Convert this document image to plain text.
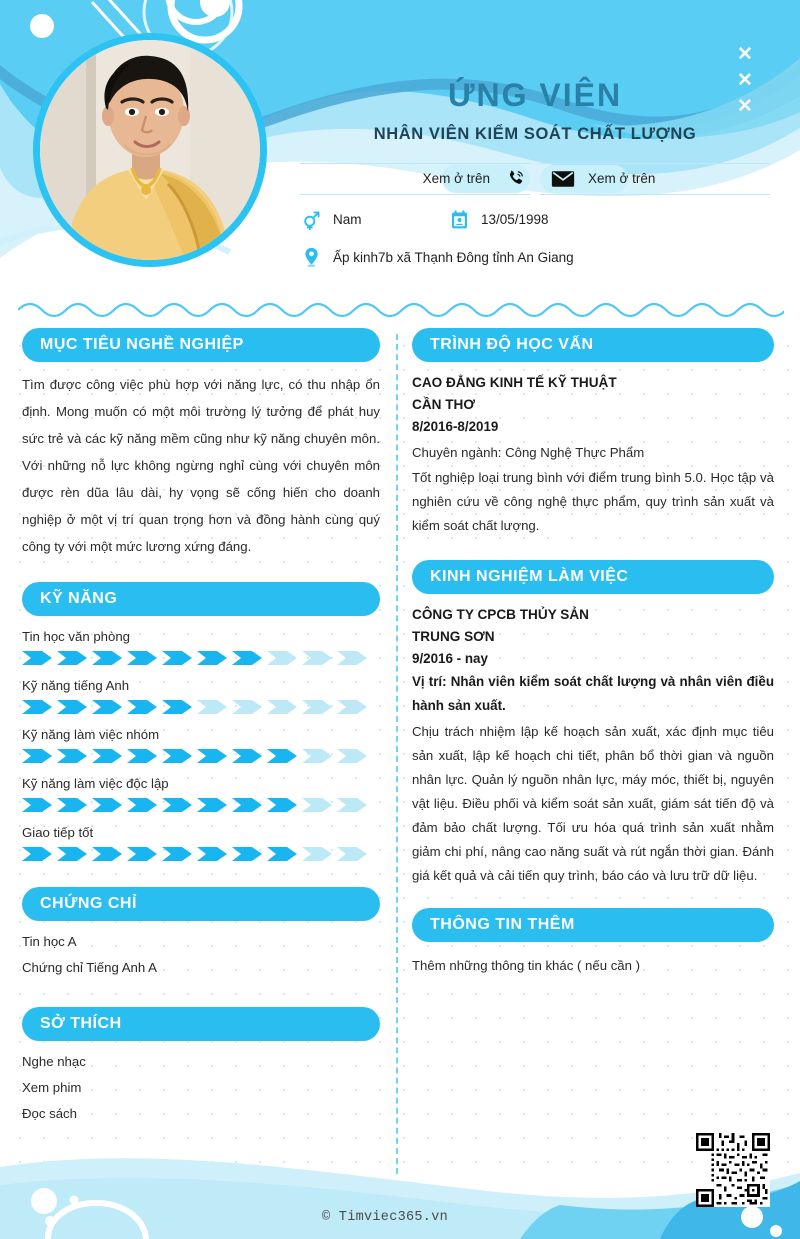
✕
✕
✕
ỨNG VIÊN
NHÂN VIÊN KIỂM SOÁT CHẤT LƯỢNG
Xem ở trên	Xem ở trên
Nam	13/05/1998
Ấp kinh7b xã Thạnh Đông tỉnh An Giang
MỤC TIÊU NGHỀ NGHIỆP
Tìm được công việc phù hợp với năng lực, có thu nhập ổn định. Mong muốn có một môi trường lý tưởng để phát huy sức trẻ và các kỹ năng mềm cũng như kỹ năng chuyên môn. Với những nỗ lực không ngừng nghỉ cùng với chuyên môn được rèn dũa lâu dài, hy vọng sẽ cống hiến cho doanh nghiệp ở một vị trí quan trọng hơn và đồng hành cùng quý công ty với một mức lương xứng đáng.
KỸ NĂNG
Tin học văn phòng
Kỹ năng tiếng Anh
Kỹ năng làm việc nhóm
Kỹ năng làm việc độc lập
Giao tiếp tốt
CHỨNG CHỈ
Tin học A
Chứng chỉ Tiếng Anh A
SỞ THÍCH
Nghe nhạc
Xem phim
Đọc sách
TRÌNH ĐỘ HỌC VẤN
CAO ĐẲNG KINH TẾ KỸ THUẬT
CẦN THƠ
8/2016-8/2019
Chuyên ngành: Công Nghệ Thực Phẩm
Tốt nghiệp loại trung bình với điểm trung bình 5.0. Học tập và nghiên cứu về công nghệ thực phẩm, quy trình sản xuất và kiểm soát chất lượng.
KINH NGHIỆM LÀM VIỆC
CÔNG TY CPCB THỦY SẢN
TRUNG SƠN
9/2016 - nay
Vị trí: Nhân viên kiểm soát chất lượng và nhân viên điều hành sản xuất.
Chịu trách nhiệm lập kế hoạch sản xuất, xác định mục tiêu sản xuất, lập kế hoạch chi tiết, phân bổ thời gian và nguồn nhân lực. Quản lý nguồn nhân lực, máy móc, thiết bị, nguyên vật liệu. Điều phối và kiểm soát sản xuất, giám sát tiến độ và đảm bảo chất lượng. Tối ưu hóa quá trình sản xuất nhằm giảm chi phí, nâng cao năng suất và rút ngắn thời gian. Đánh giá kết quả và cải tiến quy trình, báo cáo và lưu trữ dữ liệu.
THÔNG TIN THÊM
Thêm những thông tin khác ( nếu cần )
© Timviec365.vn
